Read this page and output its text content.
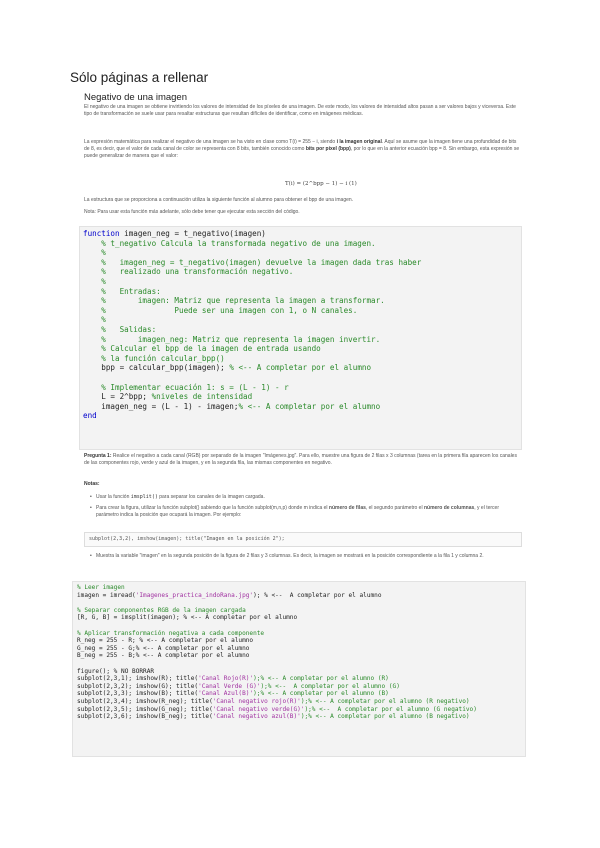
Sólo páginas a rellenar
Negativo de una imagen
El negativo de una imagen se obtiene invirtiendo los valores de intensidad de los píxeles de una imagen. De este modo, los valores de intensidad altos pasan a ser valores bajos y viceversa. Este tipo de transformación se suele usar para resaltar estructuras que resultan difíciles de identificar, como en imágenes médicas.
La expresión matemática para realizar el negativo de una imagen se ha visto en clase como T(i) = 255 − i, siendo i la imagen original. Aquí se asume que la imagen tiene una profundidad de bits de 8, es decir, que el valor de cada canal de color se representa con 8 bits, también conocido como bits por píxel (bpp), por lo que en la anterior ecuación bpp = 8. Sin embargo, esta expresión se puede generalizar de manera que el valor:
T(i) = (2^bpp − 1) − i (1)
La estructura que se proporciona a continuación utiliza la siguiente función al alumno para obtener el bpp de una imagen.
Nota: Para usar esta función más adelante, sólo debe tener que ejecutar esta sección del código.
function imagen_neg = t_negativo(imagen)
% t_negativo Calcula la transformada negativo de una imagen.
%
%   imagen_neg = t_negativo(imagen) devuelve la imagen dada tras haber
%   realizado una transformación negativo.
%
%   Entradas:
%       imagen: Matriz que representa la imagen a transformar.
%               Puede ser una imagen con 1, o N canales.
%
%   Salidas:
%       imagen_neg: Matriz que representa la imagen invertir.
% Calcular el bpp de la imagen de entrada usando
% la función calcular_bpp()
bpp = calcular_bpp(imagen); % <-- A completar por el alumno

% Implementar ecuación 1: s = (L - 1) - r
L = 2^bpp; %niveles de intensidad
imagen_neg = (L - 1) - imagen;% <-- A completar por el alumno
end
Pregunta 1: Realice el negativo a cada canal (RGB) por separado de la imagen "Imágenes.jpg". Para ello, muestre una figura de 2 filas x 3 columnas (tarea en la primera fila aparecen los canales de las componentes rojo, verde y azul de la imagen, y en la segunda fila, las mismas componentes en negativo.
Notas:
• Usar la función imsplit() para separar los canales de la imagen cargada.
• Para crear la figura, utilizar la función subplot() sabiendo que la función subplot(m,n,p) donde m indica el número de filas, el segundo parámetro el número de columnas, y el tercer parámetro indica la posición que ocupará la imagen. Por ejemplo:
subplot(2,3,2), imshow(imagen); title("Imagen en la posición 2");
• Muestra la variable "imagen" en la segunda posición de la figura de 2 filas y 3 columnas. Es decir, la imagen se mostrará en la posición correspondiente a la fila 1 y columna 2.
% Leer imagen
imagen = imread('Imagenes_practica_indoRana.jpg'); % <--  A completar por el alumno

% Separar componentes RGB de la imagen cargada
[R, G, B] = imsplit(imagen); % <-- A completar por el alumno

% Aplicar transformación negativa a cada componente
R_neg = 255 - R; % <-- A completar por el alumno
G_neg = 255 - G;% <-- A completar por el alumno
B_neg = 255 - B;% <-- A completar por el alumno

figure(); % NO BORRAR
subplot(2,3,1); imshow(R); title('Canal Rojo(R)');% <-- A completar por el alumno (R)
subplot(2,3,2); imshow(G); title('Canal Verde (G)');% <--  A completar por el alumno (G)
subplot(2,3,3); imshow(B); title('Canal Azul(B)');% <-- A completar por el alumno (B)
subplot(2,3,4); imshow(R_neg); title('Canal negativo rojo(R)');% <-- A completar por el alumno (R negativo)
subplot(2,3,5); imshow(G_neg); title('Canal negativo verde(G)');% <--  A completar por el alumno (G negativo)
subplot(2,3,6); imshow(B_neg); title('Canal negativo azul(B)');% <-- A completar por el alumno (B negativo)
